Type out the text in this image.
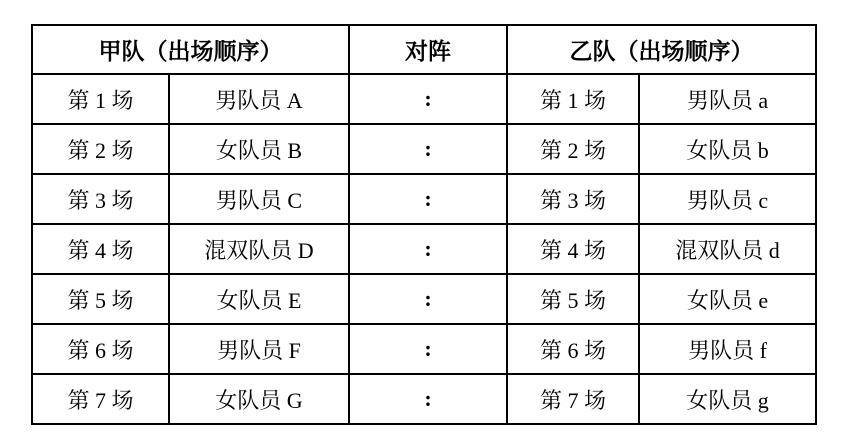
甲队（出场顺序）		对阵	乙队（出场顺序）	
第 1 场	男队员 A	:	第 1 场	男队员 a
第 2 场	女队员 B	:	第 2 场	女队员 b
第 3 场	男队员 C	:	第 3 场	男队员 c
第 4 场	混双队员 D	:	第 4 场	混双队员 d
第 5 场	女队员 E	:	第 5 场	女队员 e
第 6 场	男队员 F	:	第 6 场	男队员 f
第 7 场	女队员 G	:	第 7 场	女队员 g
